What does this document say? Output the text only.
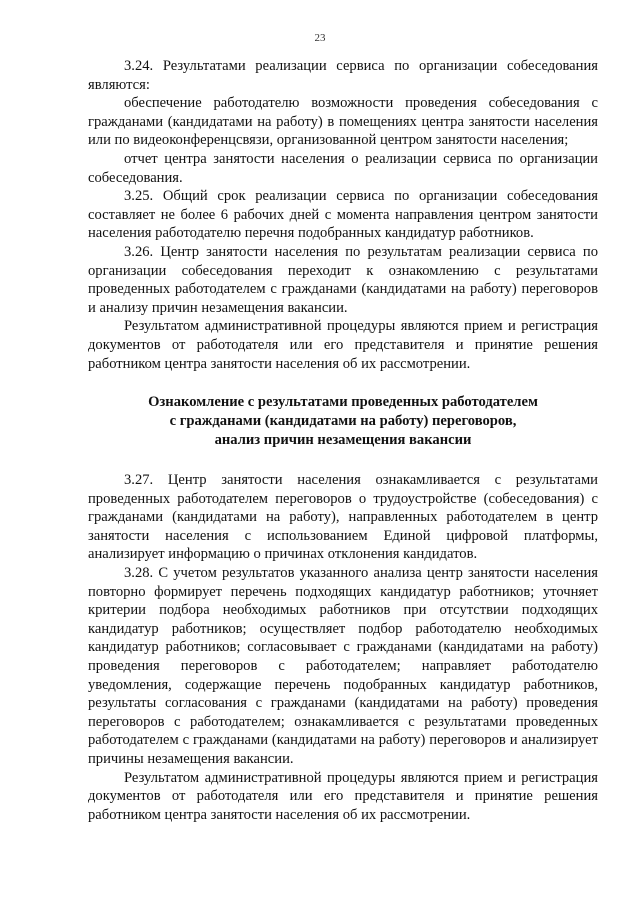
23

3.24. Результатами реализации сервиса по организации собеседования являются:

обеспечение работодателю возможности проведения собеседования с гражданами (кандидатами на работу) в помещениях центра занятости населения или по видеоконференцсвязи, организованной центром занятости населения;

отчет центра занятости населения о реализации сервиса по организации собеседования.

3.25. Общий срок реализации сервиса по организации собеседования составляет не более 6 рабочих дней с момента направления центром занятости населения работодателю перечня подобранных кандидатур работников.

3.26. Центр занятости населения по результатам реализации сервиса по организации собеседования переходит к ознакомлению с результатами проведенных работодателем с гражданами (кандидатами на работу) переговоров и анализу причин незамещения вакансии.

Результатом административной процедуры являются прием и регистрация документов от работодателя или его представителя и принятие решения работником центра занятости населения об их рассмотрении.

Ознакомление с результатами проведенных работодателем
с гражданами (кандидатами на работу) переговоров,
анализ причин незамещения вакансии

3.27. Центр занятости населения ознакамливается с результатами проведенных работодателем переговоров о трудоустройстве (собеседования) с гражданами (кандидатами на работу), направленных работодателем в центр занятости населения с использованием Единой цифровой платформы, анализирует информацию о причинах отклонения кандидатов.

3.28. С учетом результатов указанного анализа центр занятости населения повторно формирует перечень подходящих кандидатур работников; уточняет критерии подбора необходимых работников при отсутствии подходящих кандидатур работников; осуществляет подбор работодателю необходимых кандидатур работников; согласовывает с гражданами (кандидатами на работу) проведения переговоров с работодателем; направляет работодателю уведомления, содержащие перечень подобранных кандидатур работников, результаты согласования с гражданами (кандидатами на работу) проведения переговоров с работодателем; ознакамливается с результатами проведенных работодателем с гражданами (кандидатами на работу) переговоров и анализирует причины незамещения вакансии.

Результатом административной процедуры являются прием и регистрация документов от работодателя или его представителя и принятие решения работником центра занятости населения об их рассмотрении.
